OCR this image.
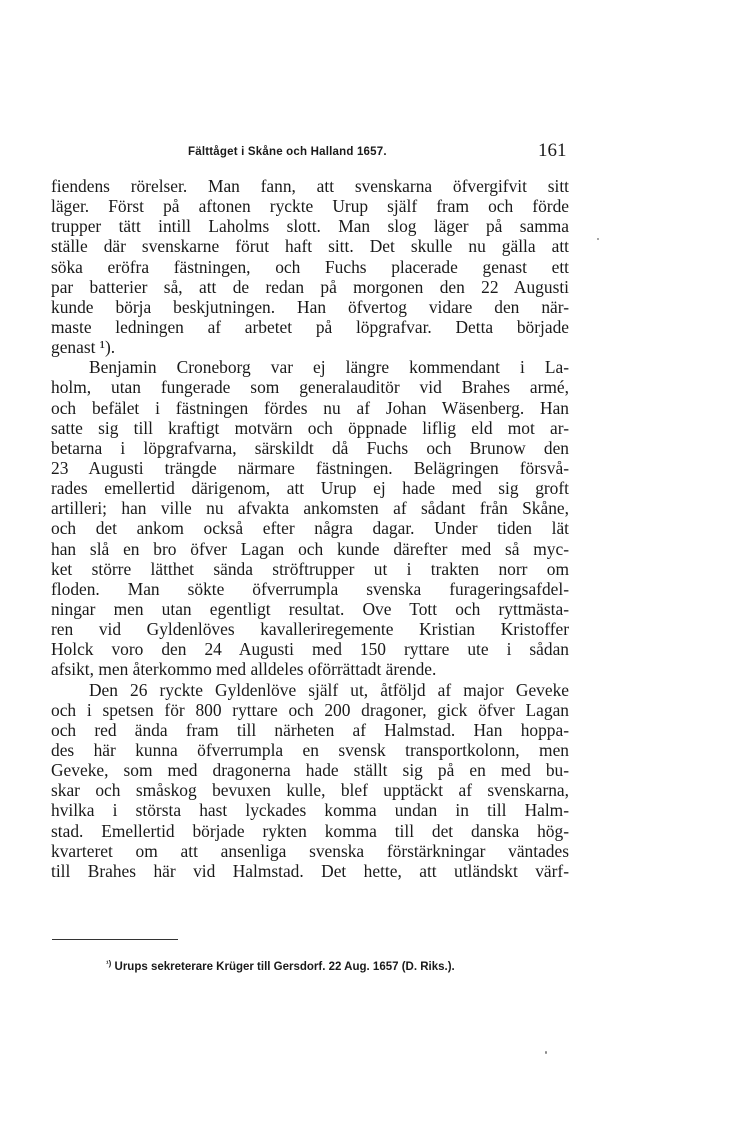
Fälttåget i Skåne och Halland 1657.	161
fiendens rörelser. Man fann, att svenskarna öfvergifvit sitt
läger. Först på aftonen ryckte Urup själf fram och förde
trupper tätt intill Laholms slott. Man slog läger på samma
ställe där svenskarne förut haft sitt. Det skulle nu gälla att
söka eröfra fästningen, och Fuchs placerade genast ett
par batterier så, att de redan på morgonen den 22 Augusti
kunde börja beskjutningen. Han öfvertog vidare den när-
maste ledningen af arbetet på löpgrafvar. Detta började
genast ¹).
Benjamin Croneborg var ej längre kommendant i La-
holm, utan fungerade som generalauditör vid Brahes armé,
och befälet i fästningen fördes nu af Johan Wäsenberg. Han
satte sig till kraftigt motvärn och öppnade liflig eld mot ar-
betarna i löpgrafvarna, särskildt då Fuchs och Brunow den
23 Augusti trängde närmare fästningen. Belägringen försvå-
rades emellertid därigenom, att Urup ej hade med sig groft
artilleri; han ville nu afvakta ankomsten af sådant från Skåne,
och det ankom också efter några dagar. Under tiden lät
han slå en bro öfver Lagan och kunde därefter med så myc-
ket större lätthet sända ströftrupper ut i trakten norr om
floden. Man sökte öfverrumpla svenska furageringsafdel-
ningar men utan egentligt resultat. Ove Tott och ryttmästa-
ren vid Gyldenlöves kavalleriregemente Kristian Kristoffer
Holck voro den 24 Augusti med 150 ryttare ute i sådan
afsikt, men återkommo med alldeles oförrättadt ärende.
Den 26 ryckte Gyldenlöve själf ut, åtföljd af major Geveke
och i spetsen för 800 ryttare och 200 dragoner, gick öfver Lagan
och red ända fram till närheten af Halmstad. Han hoppa-
des här kunna öfverrumpla en svensk transportkolonn, men
Geveke, som med dragonerna hade ställt sig på en med bu-
skar och småskog bevuxen kulle, blef upptäckt af svenskarna,
hvilka i största hast lyckades komma undan in till Halm-
stad. Emellertid började rykten komma till det danska hög-
kvarteret om att ansenliga svenska förstärkningar väntades
till Brahes här vid Halmstad. Det hette, att utländskt värf-
$^{^1)}$ Urups sekreterare Krüger till Gersdorf. 22 Aug. 1657 (D. Riks.).
